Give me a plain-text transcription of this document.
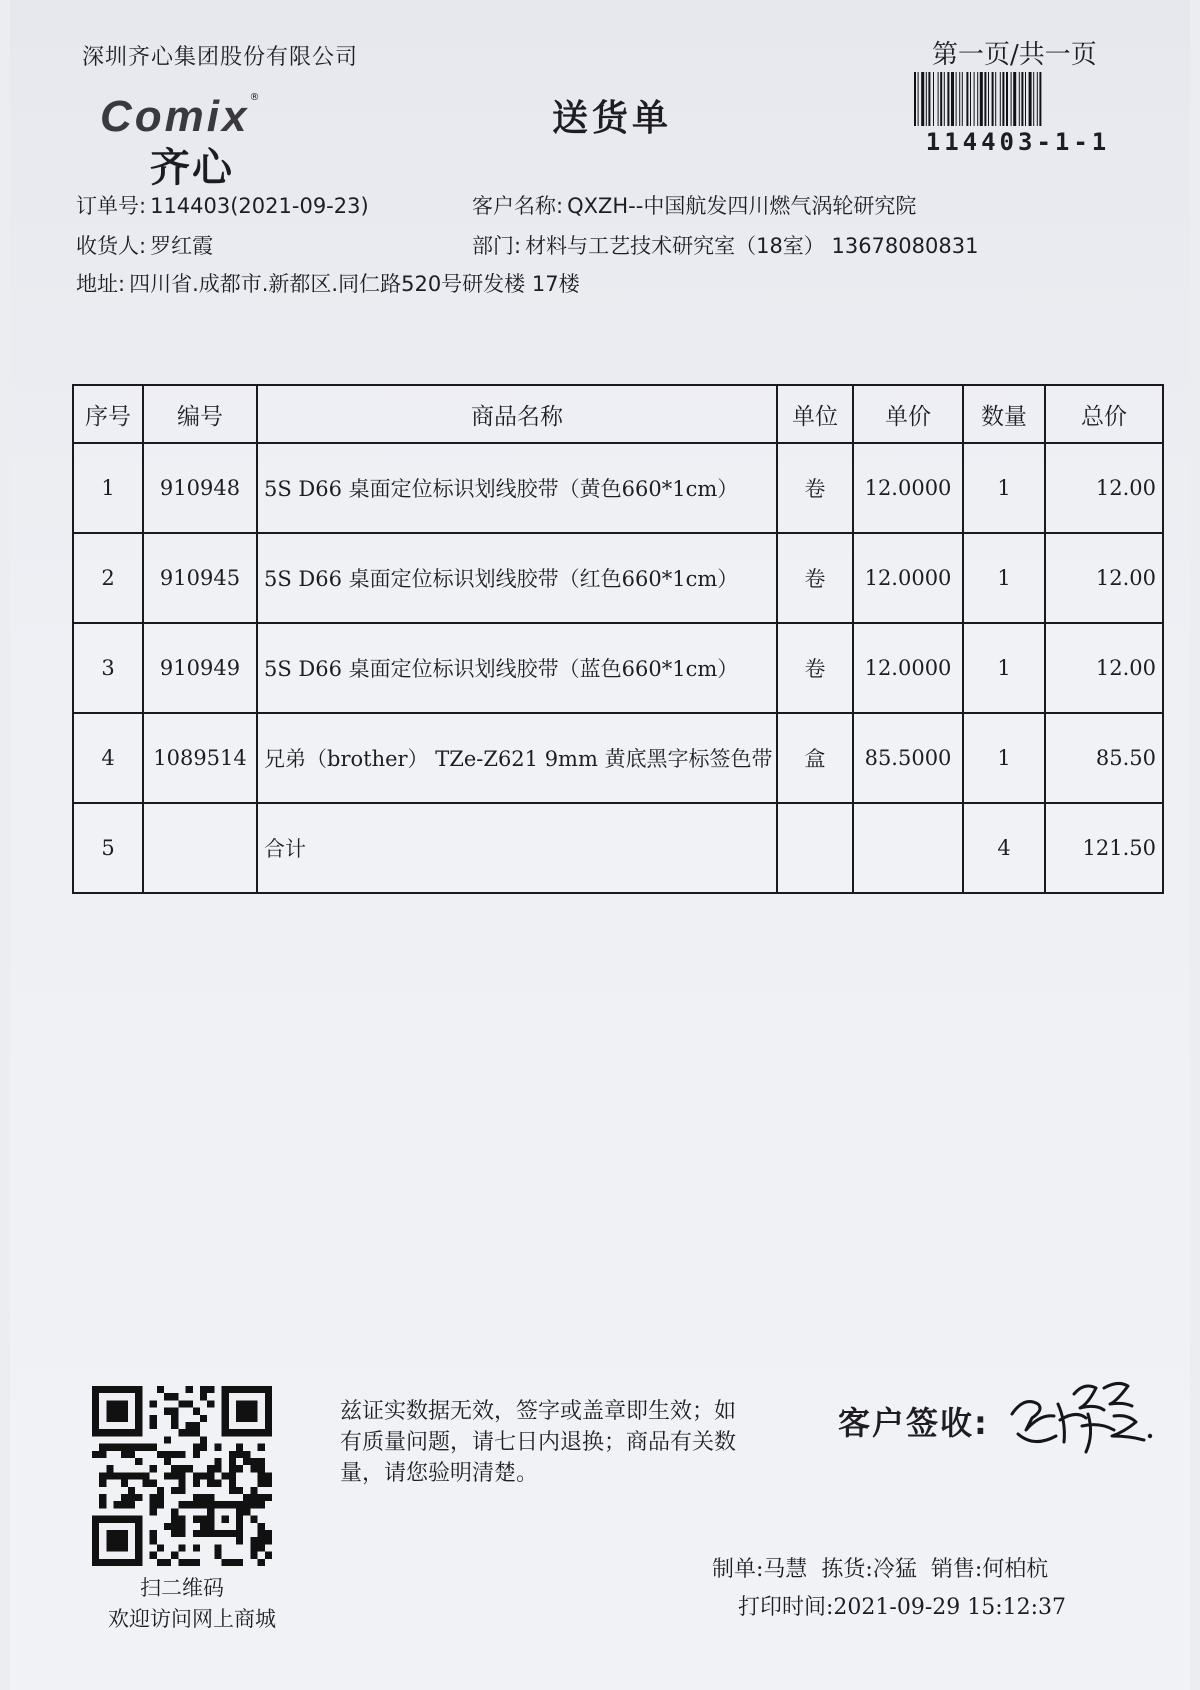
深圳齐心集团股份有限公司	第一页/共一页
114403-1-1
Comix®
齐心
送货单
订单号: 114403(2021-09-23)	客户名称: QXZH--中国航发四川燃气涡轮研究院
收货人: 罗红霞	部门: 材料与工艺技术研究室（18室） 13678080831
地址: 四川省.成都市.新都区.同仁路520号研发楼 17楼
序号	编号	商品名称	单位	单价	数量	总价
1	910948	5S D66 桌面定位标识划线胶带（黄色660*1cm）	卷	12.0000	1	12.00
2	910945	5S D66 桌面定位标识划线胶带（红色660*1cm）	卷	12.0000	1	12.00
3	910949	5S D66 桌面定位标识划线胶带（蓝色660*1cm）	卷	12.0000	1	12.00
4	1089514	兄弟（brother） TZe-Z621 9mm 黄底黑字标签色带	盒	85.5000	1	85.50
5		合计			4	121.50
扫二维码
欢迎访问网上商城
兹证实数据无效，签字或盖章即生效；如有质量问题，请七日内退换；商品有关数量，请您验明清楚。
客户签收:
制单:马慧 拣货:冷猛 销售:何柏杭
打印时间:2021-09-29 15:12:37
